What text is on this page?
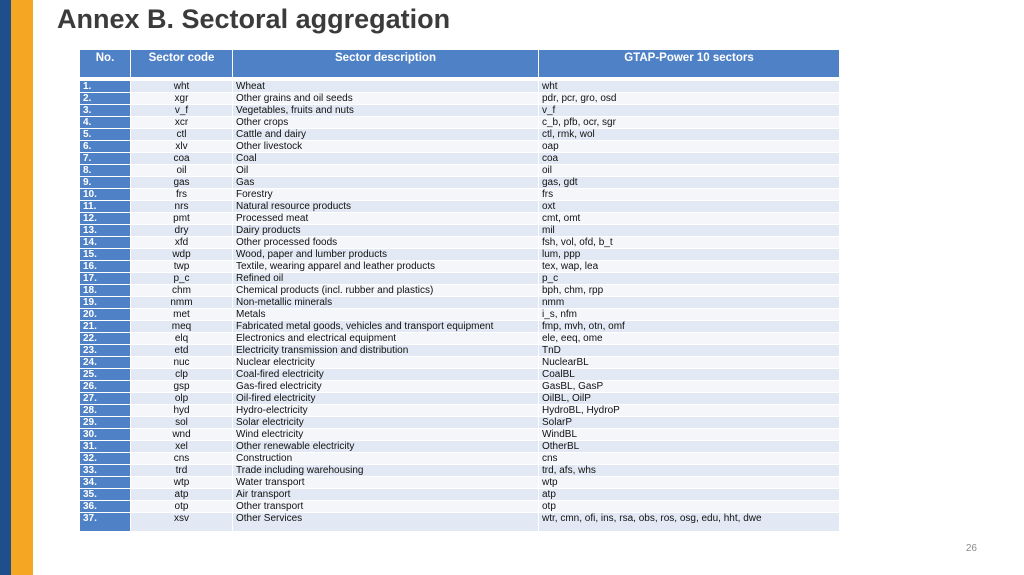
Annex B. Sectoral aggregation
No.	Sector code	Sector description	GTAP-Power 10 sectors

1.	wht	Wheat	wht
2.	xgr	Other grains and oil seeds	pdr, pcr, gro, osd
3.	v_f	Vegetables, fruits and nuts	v_f
4.	xcr	Other crops	c_b, pfb, ocr, sgr
5.	ctl	Cattle and dairy	ctl, rmk, wol
6.	xlv	Other livestock	oap
7.	coa	Coal	coa
8.	oil	Oil	oil
9.	gas	Gas	gas, gdt
10.	frs	Forestry	frs
11.	nrs	Natural resource products	oxt
12.	pmt	Processed meat	cmt, omt
13.	dry	Dairy products	mil
14.	xfd	Other processed foods	fsh, vol, ofd, b_t
15.	wdp	Wood, paper and lumber products	lum, ppp
16.	twp	Textile, wearing apparel and leather products	tex, wap, lea
17.	p_c	Refined oil	p_c
18.	chm	Chemical products (incl. rubber and plastics)	bph, chm, rpp
19.	nmm	Non-metallic minerals	nmm
20.	met	Metals	i_s, nfm
21.	meq	Fabricated metal goods, vehicles and transport equipment	fmp, mvh, otn, omf
22.	elq	Electronics and electrical equipment	ele, eeq, ome
23.	etd	Electricity transmission and distribution	TnD
24.	nuc	Nuclear electricity	NuclearBL
25.	clp	Coal-fired electricity	CoalBL
26.	gsp	Gas-fired electricity	GasBL, GasP
27.	olp	Oil-fired electricity	OilBL, OilP
28.	hyd	Hydro-electricity	HydroBL, HydroP
29.	sol	Solar electricity	SolarP
30.	wnd	Wind electricity	WindBL
31.	xel	Other renewable electricity	OtherBL
32.	cns	Construction	cns
33.	trd	Trade including warehousing	trd, afs, whs
34.	wtp	Water transport	wtp
35.	atp	Air transport	atp
36.	otp	Other transport	otp
37.	xsv	Other Services	wtr, cmn, ofi, ins, rsa, obs, ros, osg, edu, hht, dwe
26
